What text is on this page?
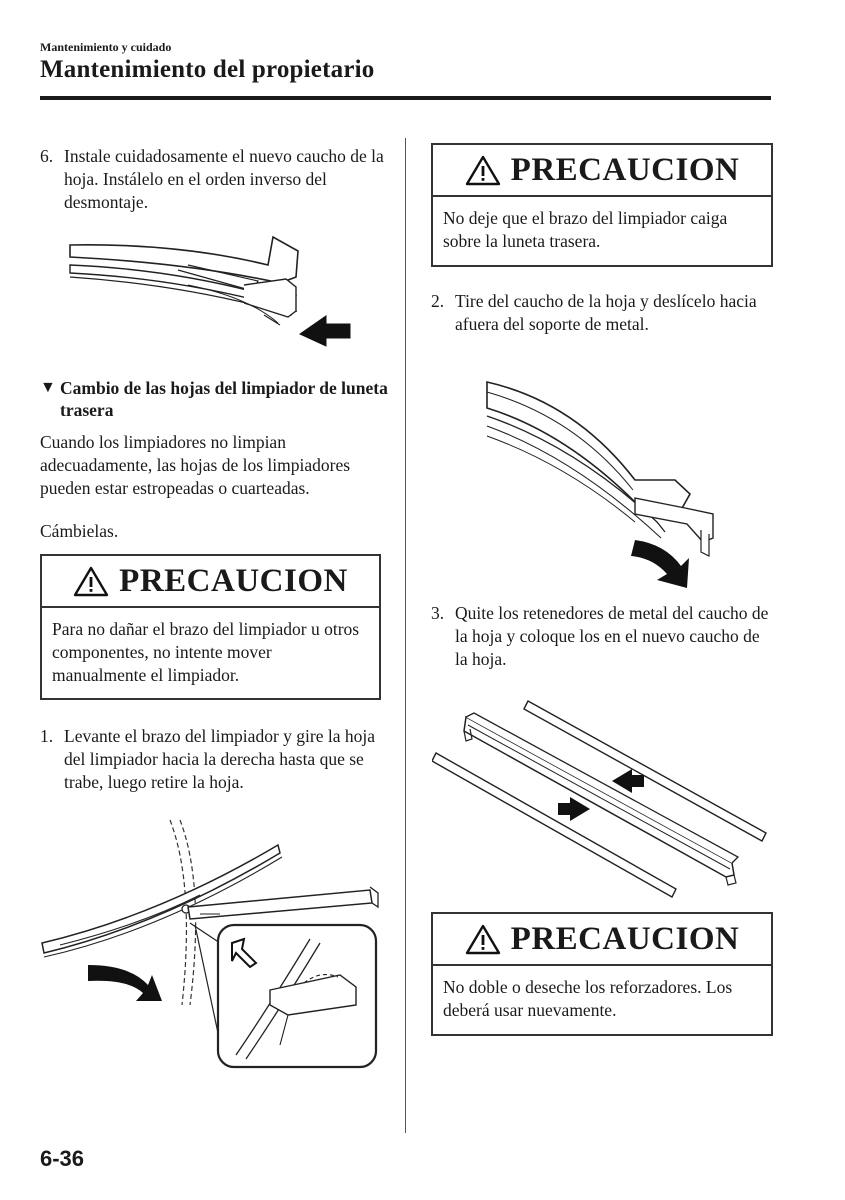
Mantenimiento y cuidado
Mantenimiento del propietario
6. Instale cuidadosamente el nuevo caucho de la hoja. Instálelo en el orden inverso del desmontaje.
▼ Cambio de las hojas del limpiador de luneta trasera
Cuando los limpiadores no limpian adecuadamente, las hojas de los limpiadores pueden estar estropeadas o cuarteadas.
Cámbielas.
PRECAUCION
Para no dañar el brazo del limpiador u otros componentes, no intente mover manualmente el limpiador.
1. Levante el brazo del limpiador y gire la hoja del limpiador hacia la derecha hasta que se trabe, luego retire la hoja.
PRECAUCION
No deje que el brazo del limpiador caiga sobre la luneta trasera.
2. Tire del caucho de la hoja y deslícelo hacia afuera del soporte de metal.
3. Quite los retenedores de metal del caucho de la hoja y coloque los en el nuevo caucho de la hoja.
PRECAUCION
No doble o deseche los reforzadores. Los deberá usar nuevamente.
6-36
